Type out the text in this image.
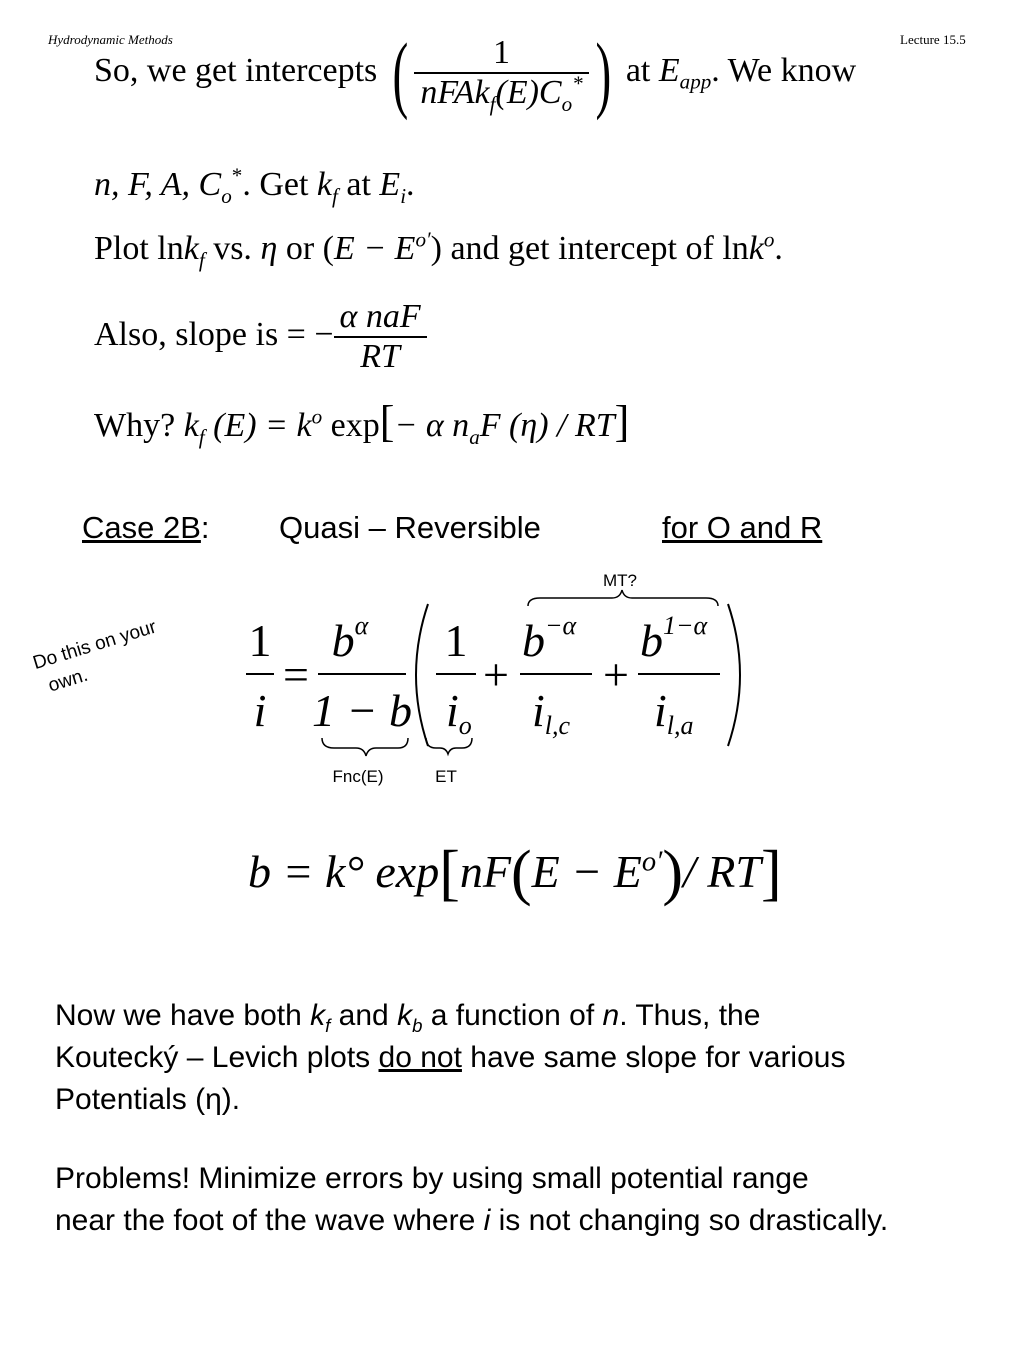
Hydrodynamic Methods	Lecture 15.5
So, we get intercepts ( $\frac{1}{nFAk_f(E)C_o^*}$ ) at $E_{app}$. We know
n, F, A, $C_o^*$. Get $k_f$ at $E_i$.
Plot lnk$_f$ vs. η or $(E - E^{o'})$ and get intercept of lnk$^o$.
Also, slope is = − $\frac{\text{α naF}}{RT}$
Why? $k_f$ $(E) = k^o$ exp[− α $n_aF$ (η) / RT]
Case 2B: Quasi – Reversible	for O and R
Do this on your
own.
MT?
1
i
=
$b^\alpha$
1 − b
1
io
+
$b^{-\alpha}$
il,c
+
$b^{1-\alpha}$
il,a
Fnc(E)	ET
b = k° $\exp[nF(E - E^{o'})/$ RT]
Now we have both $k_f$ and $k_b$ a function of n. Thus, the
Koutecký – Levich plots do not have same slope for various
Potentials (η).
Problems! Minimize errors by using small potential range
near the foot of the wave where i is not changing so drastically.
